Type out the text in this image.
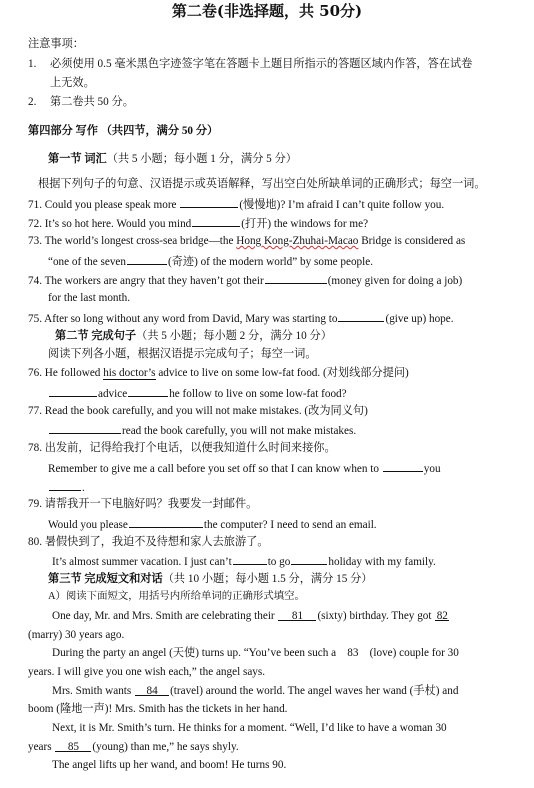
第二卷(非选择题，共 50分)
注意事项：
1. 必须使用 0.5 毫米黑色字迹签字笔在答题卡上题目所指示的答题区域内作答，答在试卷
上无效。
2. 第二卷共 50 分。
第四部分 写作 （共四节，满分 50 分）
第一节 词汇（共 5 小题；每小题 1 分，满分 5 分）
根据下列句子的句意、汉语提示或英语解释，写出空白处所缺单词的正确形式；每空一词。
71. Could you please speak more	(慢慢地)? I’m afraid I can’t quite follow you.
72. It’s so hot here. Would you mind	(打开) the windows for me?
73. The world’s longest cross-sea bridge—the Hong Kong-Zhuhai-Macao Bridge is considered as
“one of the seven	(奇迹) of the modern world” by some people.
74. The workers are angry that they haven’t got their	(money given for doing a job)
for the last month.
75. After so long without any word from David, Mary was starting to	(give up) hope.
第二节 完成句子（共 5 小题；每小题 2 分，满分 10 分）
阅读下列各小题，根据汉语提示完成句子；每空一词。
76. He followed his doctor’s advice to live on some low-fat food. (对划线部分提问)
advice	he follow to live on some low-fat food?
77. Read the book carefully, and you will not make mistakes. (改为同义句)
read the book carefully, you will not make mistakes.
78. 出发前，记得给我打个电话，以便我知道什么时间来接你。
Remember to give me a call before you set off so that I can know when to	you
.
79. 请帮我开一下电脑好吗？我要发一封邮件。
Would you please	the computer? I need to send an email.
80. 暑假快到了，我迫不及待想和家人去旅游了。
It’s almost summer vacation. I just can’t	to go	holiday with my family.
第三节 完成短文和对话（共 10 小题；每小题 1.5 分，满分 15 分）
A）阅读下面短文，用括号内所给单词的正确形式填空。
One day, Mr. and Mrs. Smith are celebrating their 81 (sixty) birthday. They got 82
(marry) 30 years ago.
During the party an angel (天使) turns up. “You’ve been such a 83 (love) couple for 30
years. I will give you one wish each,” the angel says.
Mrs. Smith wants 84 (travel) around the world. The angel waves her wand (手杖) and
boom (隆地一声)! Mrs. Smith has the tickets in her hand.
Next, it is Mr. Smith’s turn. He thinks for a moment. “Well, I’d like to have a woman 30
years 85 (young) than me,” he says shyly.
The angel lifts up her wand, and boom! He turns 90.
